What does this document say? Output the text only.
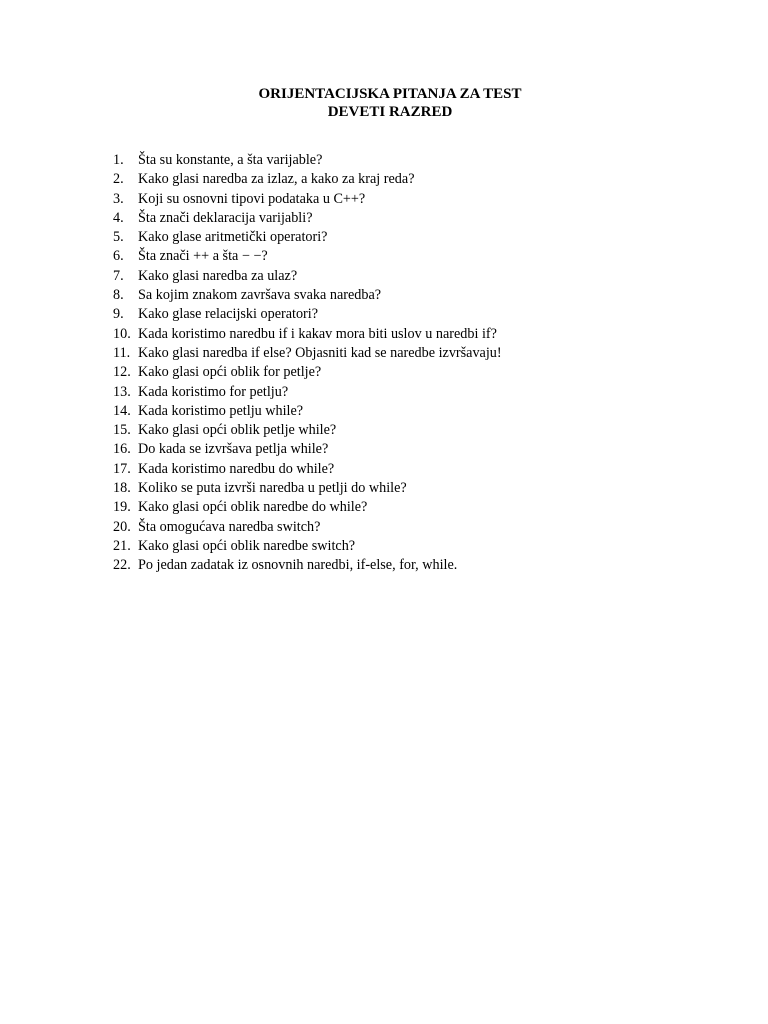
ORIJENTACIJSKA PITANJA ZA TEST
DEVETI RAZRED
1.	Šta su konstante, a šta varijable?
2.	Kako glasi naredba za izlaz, a kako za kraj reda?
3.	Koji su osnovni tipovi podataka u C++?
4.	Šta znači deklaracija varijabli?
5.	Kako glase aritmetički operatori?
6.	Šta znači ++ a šta − −?
7.	Kako glasi naredba za ulaz?
8.	Sa kojim znakom završava svaka naredba?
9.	Kako glase relacijski operatori?
10. Kada koristimo naredbu if i kakav mora biti uslov u naredbi if?
11. Kako glasi naredba if else? Objasniti kad se naredbe izvršavaju!
12. Kako glasi opći oblik for petlje?
13. Kada koristimo for petlju?
14. Kada koristimo petlju while?
15. Kako glasi opći oblik petlje while?
16. Do kada se izvršava petlja while?
17. Kada koristimo naredbu do while?
18. Koliko se puta izvrši naredba u petlji do while?
19. Kako glasi opći oblik naredbe do while?
20. Šta omogućava naredba switch?
21. Kako glasi opći oblik naredbe switch?
22. Po jedan zadatak iz osnovnih naredbi, if-else, for, while.
